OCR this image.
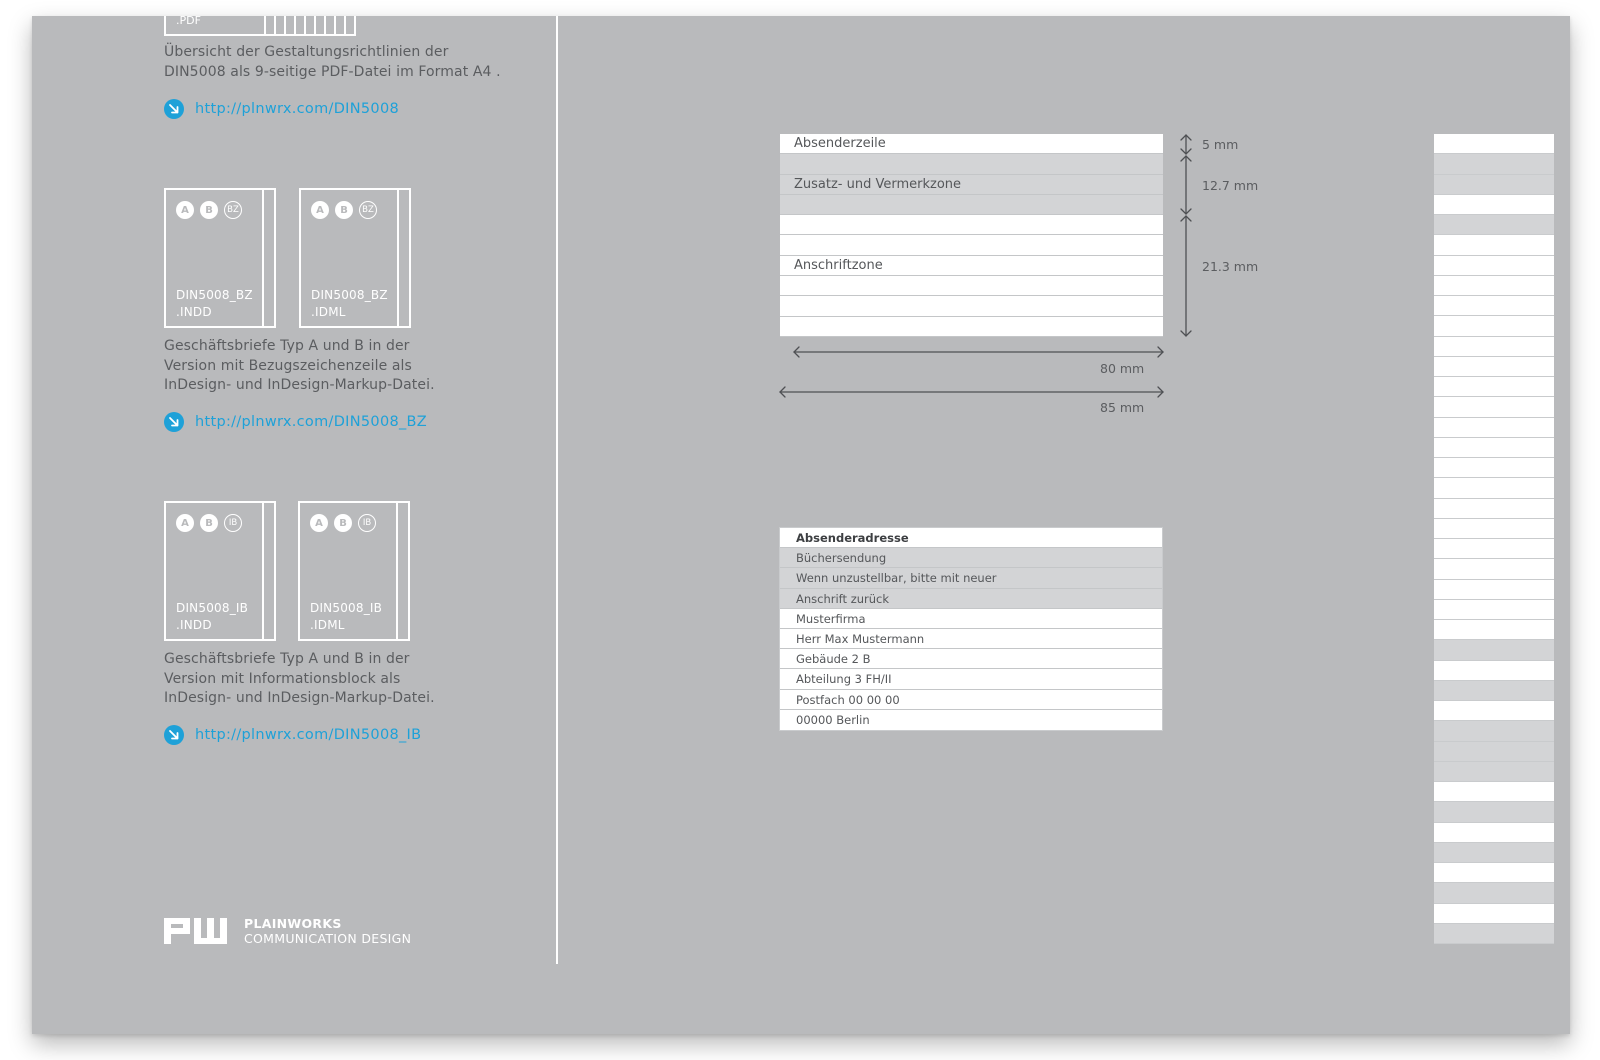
.PDF
Übersicht der Gestaltungsrichtlinien der DIN5008 als 9-seitige PDF-Datei im Format A4 .
http://plnwrx.com/DIN5008
A	B	BZ
DIN5008_BZ
.INDD
A	B	BZ
DIN5008_BZ
.IDML
Geschäftsbriefe Typ A und B in der Version mit Bezugszeichenzeile als InDesign- und InDesign-Markup-Datei.
http://plnwrx.com/DIN5008_BZ
A	B	IB
DIN5008_IB
.INDD
A	B	IB
DIN5008_IB
.IDML
Geschäftsbriefe Typ A und B in der Version mit Informationsblock als InDesign- und InDesign-Markup-Datei.
http://plnwrx.com/DIN5008_IB
PLAINWORKS
COMMUNICATION DESIGN
Absenderzeile
Zusatz- und Vermerkzone
Anschriftzone
5 mm
12.7 mm
21.3 mm
80 mm
85 mm
Absenderadresse
Büchersendung
Wenn unzustellbar, bitte mit neuer
Anschrift zurück
Musterfirma
Herr Max Mustermann
Gebäude 2 B
Abteilung 3 FH/II
Postfach 00 00 00
00000 Berlin
